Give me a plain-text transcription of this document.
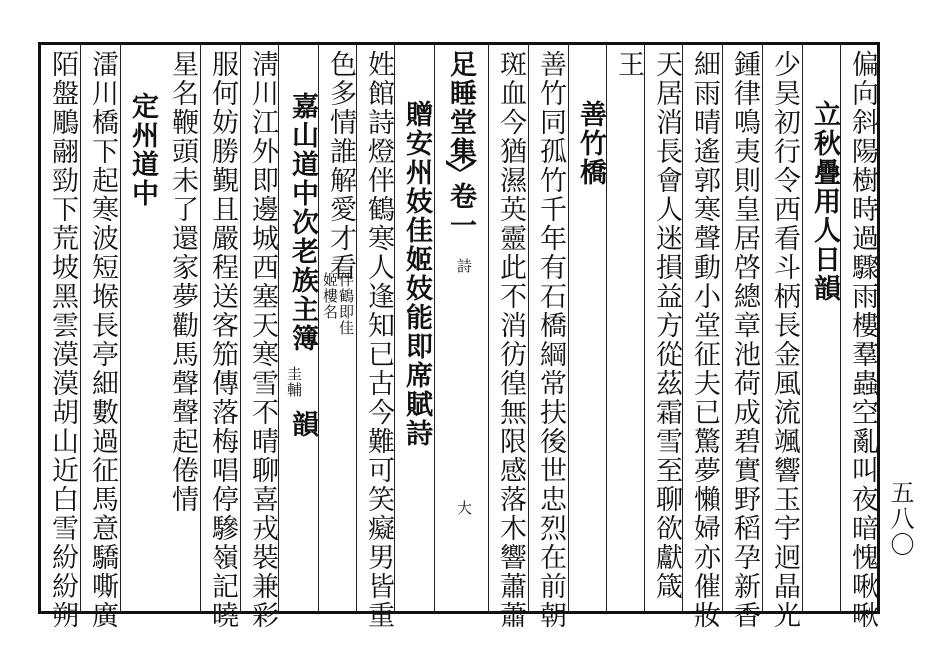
偏向斜陽樹時過驟雨樓羣蟲空亂叫夜暗愧啾啾
立秋疊用人日韻
少昊初行令西看斗柄長金風流颯響玉宇迥晶光
鍾律鳴夷則皇居啓總章池荷成碧實野稻孕新香
細雨晴遙郭寒聲動小堂征夫已驚夢懶婦亦催妝
天居消長會人迷損益方從茲霜雪至聊欲獻箴
王
善竹橋
善竹同孤竹千年有石橋綱常扶後世忠烈在前朝
斑血今猶濕英靈此不消彷徨無限感落木響蕭蕭
足睡堂集
卷一
詩
大
贈安州妓佳姬妓能即席賦詩
姓館詩燈伴鶴寒人逢知已古今難可笑癡男皆重
色多情誰解愛才看
伴鶴即佳
姬樓名
嘉山道中次老族主簿
圭輔
韻
淸川江外即邊城西塞天寒雪不晴聊喜戎裝兼彩
服何妨勝覲且嚴程送客笳傳落梅唱停驂嶺記曉
星名鞭頭未了還家夢勸馬聲聲起倦情
定州道中
㵢川橋下起寒波短堠長亭細數過征馬意驕嘶廣
陌盤鵰翮勁下荒坡黑雲漠漠胡山近白雪紛紛朔	五八〇
